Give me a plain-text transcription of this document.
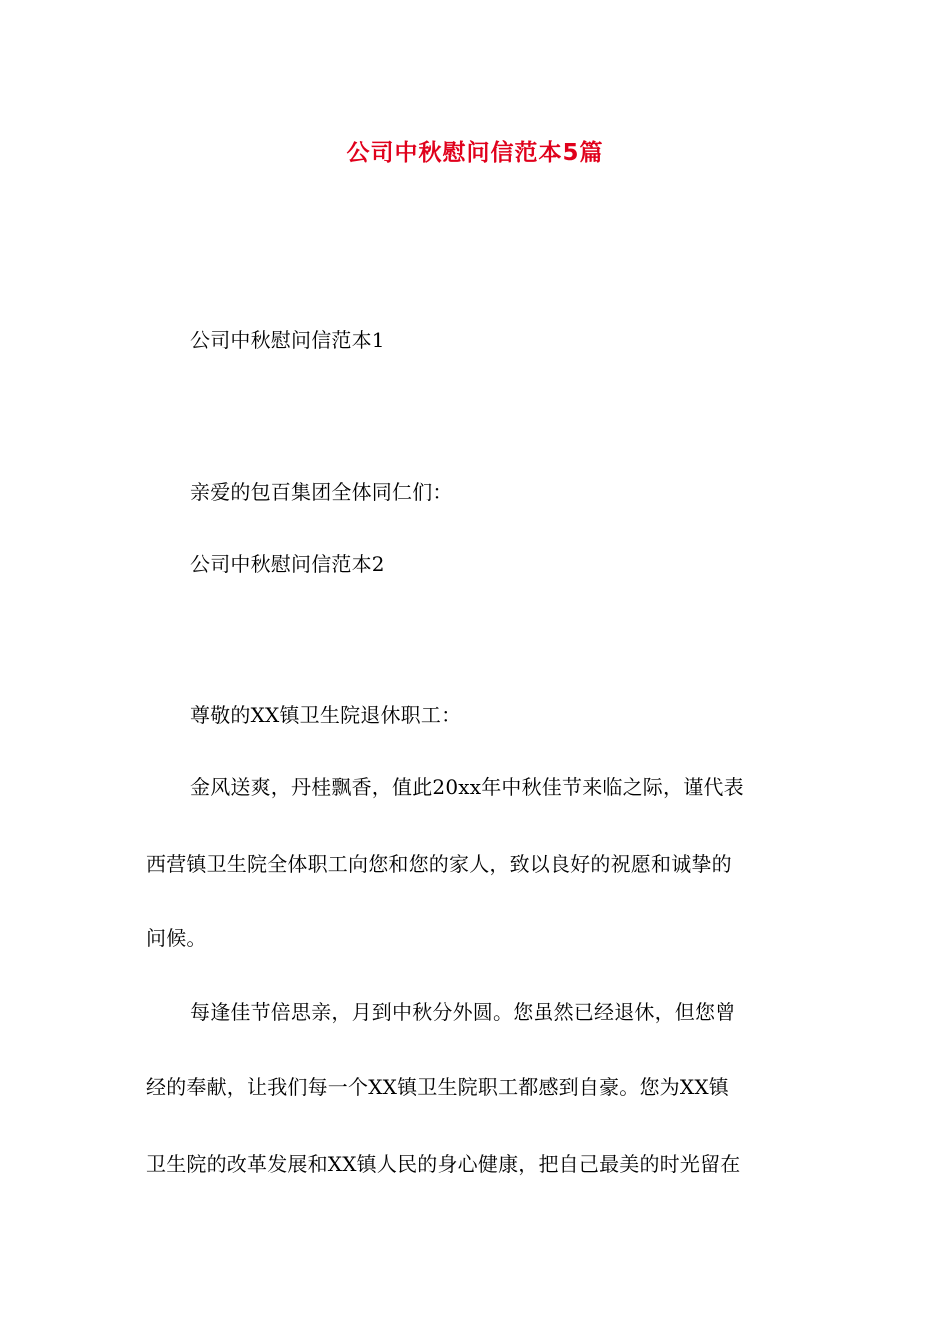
公司中秋慰问信范本5篇
公司中秋慰问信范本1
亲爱的包百集团全体同仁们：
公司中秋慰问信范本2
尊敬的XX镇卫生院退休职工：
金风送爽，丹桂飘香，值此20xx年中秋佳节来临之际，谨代表
西营镇卫生院全体职工向您和您的家人，致以良好的祝愿和诚挚的
问候。
每逢佳节倍思亲，月到中秋分外圆。您虽然已经退休，但您曾
经的奉献，让我们每一个XX镇卫生院职工都感到自豪。您为XX镇
卫生院的改革发展和XX镇人民的身心健康，把自己最美的时光留在
